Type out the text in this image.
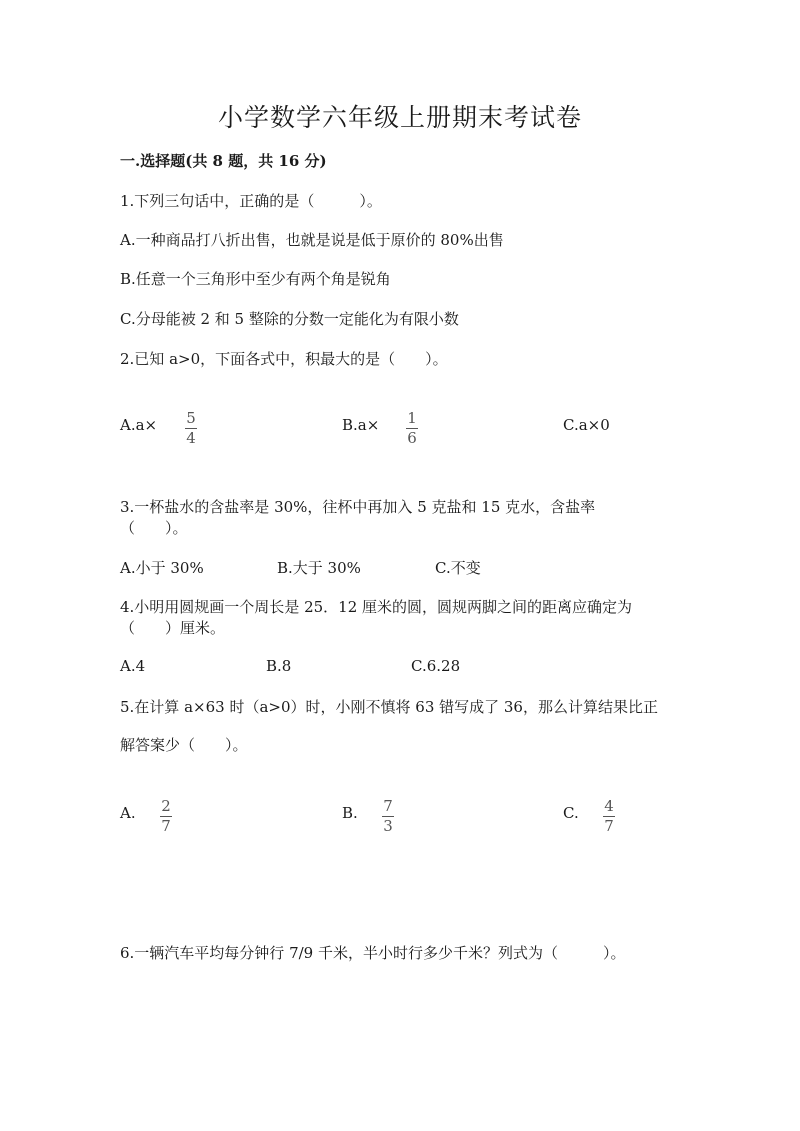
小学数学六年级上册期末考试卷
一.选择题(共 8 题，共 16 分)
1.下列三句话中，正确的是（　　　）。
A.一种商品打八折出售，也就是说是低于原价的 80%出售
B.任意一个三角形中至少有两个角是锐角
C.分母能被 2 和 5 整除的分数一定能化为有限小数
2.已知 a>0，下面各式中，积最大的是（　　）。
A.a× 5
4
B.a× 1
6
C.a×0
3.一杯盐水的含盐率是 30%，往杯中再加入 5 克盐和 15 克水，含盐率
（　　）。
A.小于 30%	B.大于 30%	C.不变
4.小明用圆规画一个周长是 25．12 厘米的圆，圆规两脚之间的距离应确定为
（　　）厘米。
A.4	B.8	C.6.28
5.在计算 a×63 时（a>0）时，小刚不慎将 63 错写成了 36，那么计算结果比正
解答案少（　　）。
A. 2
7
B. 7
3
C. 4
7
6.一辆汽车平均每分钟行 7/9 千米，半小时行多少千米？列式为（　　　）。
